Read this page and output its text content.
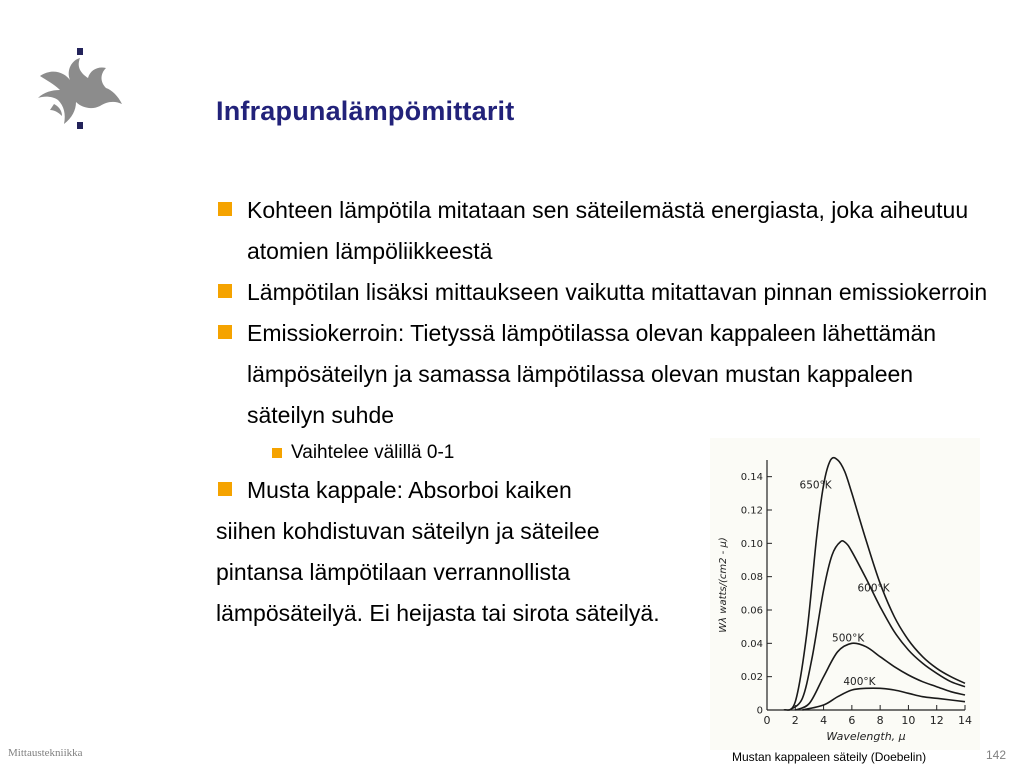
Infrapunalämpömittarit
Kohteen lämpötila mitataan sen säteilemästä energiasta, joka aiheutuu atomien lämpöliikkeestä
Lämpötilan lisäksi mittaukseen vaikutta mitattavan pinnan emissiokerroin
Emissiokerroin: Tietyssä lämpötilassa olevan kappaleen lähettämän lämpösäteilyn ja samassa lämpötilassa olevan mustan kappaleen säteilyn suhde
Vaihtelee välillä 0-1
Musta kappale: Absorboi kaiken
siihen kohdistuvan säteilyn ja säteilee pintansa lämpötilaan verrannollista lämpösäteilyä. Ei heijasta tai sirota säteilyä.
0
0.02
0.04
0.06
0.08
0.10
0.12
0.14
0 2 4 6 8 10 12 14
Wavelength, μ
Wλ watts/(cm2 - μ)
650°K
600°K
500°K
400°K
Mittaustekniikka	Mustan kappaleen säteily (Doebelin)	142
